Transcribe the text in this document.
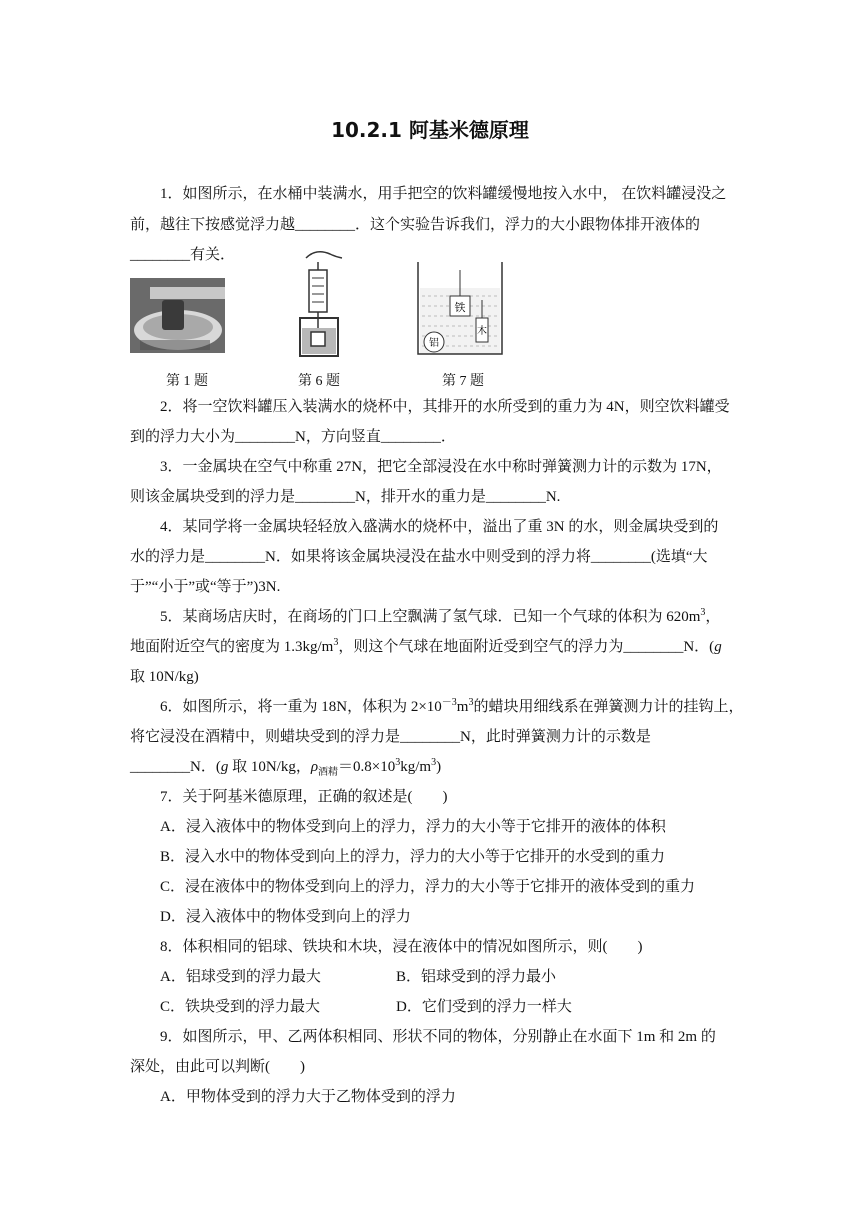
10.2.1 阿基米德原理
1．如图所示，在水桶中装满水，用手把空的饮料罐缓慢地按入水中， 在饮料罐浸没之
前，越往下按感觉浮力越________．这个实验告诉我们，浮力的大小跟物体排开液体的
________有关．
铁
木
铝
第 1 题	第 6 题	第 7 题
2．将一空饮料罐压入装满水的烧杯中，其排开的水所受到的重力为 4N，则空饮料罐受
到的浮力大小为________N，方向竖直________．
3．一金属块在空气中称重 27N，把它全部浸没在水中称时弹簧测力计的示数为 17N，
则该金属块受到的浮力是________N，排开水的重力是________N.
4．某同学将一金属块轻轻放入盛满水的烧杯中，溢出了重 3N 的水，则金属块受到的
水的浮力是________N．如果将该金属块浸没在盐水中则受到的浮力将________(选填“大
于”“小于”或“等于”)3N.
5．某商场店庆时，在商场的门口上空飘满了氢气球．已知一个气球的体积为 $620m^3$，
地面附近空气的密度为 $1.3kg/m^3$，则这个气球在地面附近受到空气的浮力为________N．(g
取 10N/kg)
6．如图所示，将一重为 18N，体积为 $2\times 10^{-3}m^3$的蜡块用细线系在弹簧测力计的挂钩上，
将它浸没在酒精中，则蜡块受到的浮力是________N，此时弹簧测力计的示数是
________N．(g 取 10N/kg，$\rho_{酒精}=0.8\times 10^3kg/m^3$)
7．关于阿基米德原理，正确的叙述是(　　)
A．浸入液体中的物体受到向上的浮力，浮力的大小等于它排开的液体的体积
B．浸入水中的物体受到向上的浮力，浮力的大小等于它排开的水受到的重力
C．浸在液体中的物体受到向上的浮力，浮力的大小等于它排开的液体受到的重力
D．浸入液体中的物体受到向上的浮力
8．体积相同的铝球、铁块和木块，浸在液体中的情况如图所示，则(　　)
A．铝球受到的浮力最大	B．铝球受到的浮力最小
C．铁块受到的浮力最大	D．它们受到的浮力一样大
9．如图所示，甲、乙两体积相同、形状不同的物体，分别静止在水面下 1m 和 2m 的
深处，由此可以判断(　　)
A．甲物体受到的浮力大于乙物体受到的浮力
